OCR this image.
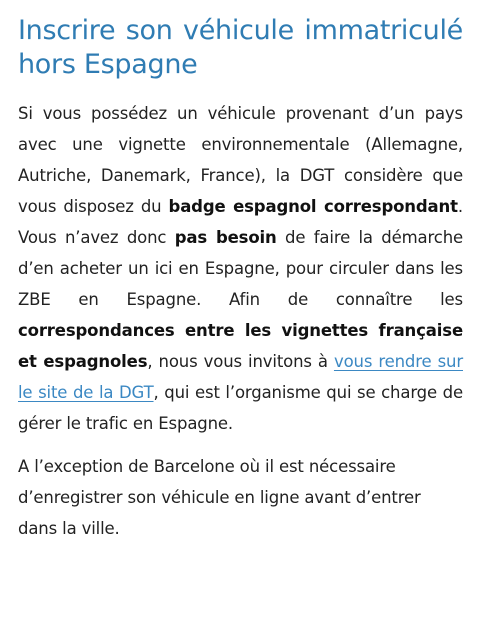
Inscrire son véhicule immatriculé hors Espagne

Si vous possédez un véhicule provenant d’un pays avec une vignette environnementale (Allemagne, Autriche, Danemark, France), la DGT considère que vous disposez du badge espagnol correspondant. Vous n’avez donc pas besoin de faire la démarche d’en acheter un ici en Espagne, pour circuler dans les ZBE en Espagne. Afin de connaître les correspondances entre les vignettes française et espagnoles, nous vous invitons à vous rendre sur le site de la DGT, qui est l’organisme qui se charge de gérer le trafic en Espagne.

A l’exception de Barcelone où il est nécessaire d’enregistrer son véhicule en ligne avant d’entrer dans la ville.
